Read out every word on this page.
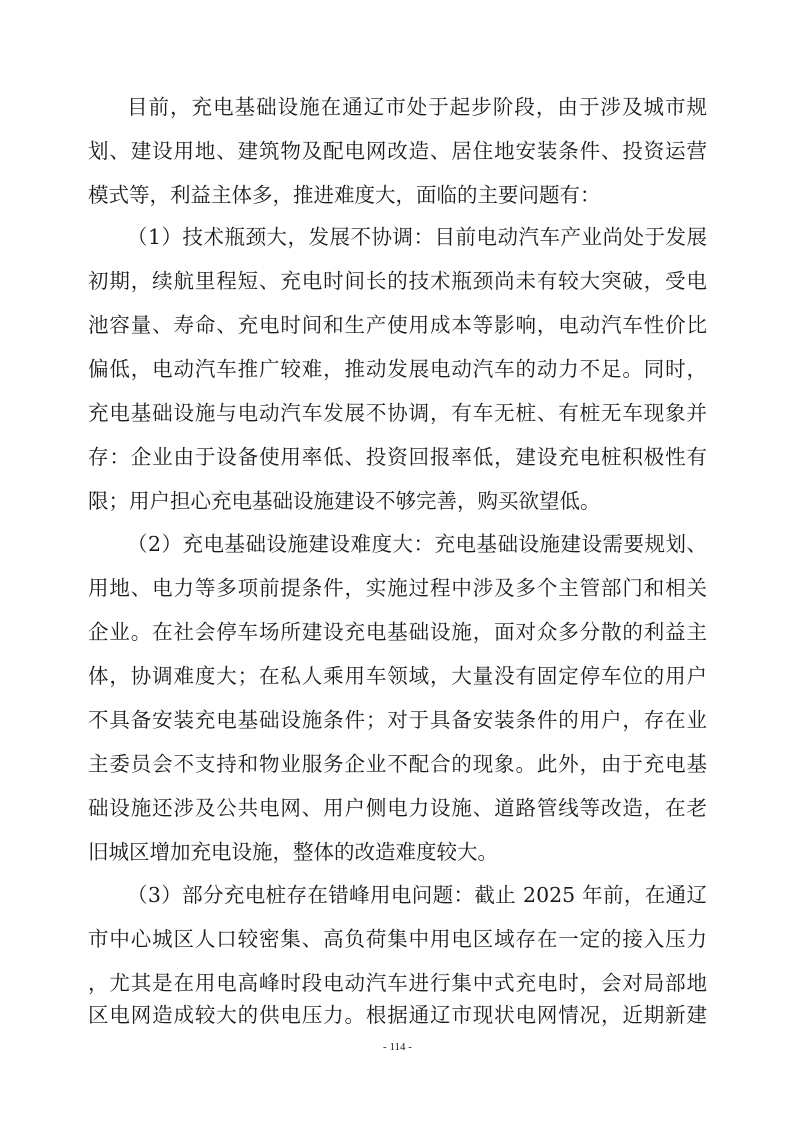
目前，充电基础设施在通辽市处于起步阶段，由于涉及城市规
划、建设用地、建筑物及配电网改造、居住地安装条件、投资运营
模式等，利益主体多，推进难度大，面临的主要问题有：
（1）技术瓶颈大，发展不协调：目前电动汽车产业尚处于发展
初期，续航里程短、充电时间长的技术瓶颈尚未有较大突破，受电
池容量、寿命、充电时间和生产使用成本等影响，电动汽车性价比
偏低，电动汽车推广较难，推动发展电动汽车的动力不足。同时，
充电基础设施与电动汽车发展不协调，有车无桩、有桩无车现象并
存：企业由于设备使用率低、投资回报率低，建设充电桩积极性有
限；用户担心充电基础设施建设不够完善，购买欲望低。
（2）充电基础设施建设难度大：充电基础设施建设需要规划、
用地、电力等多项前提条件，实施过程中涉及多个主管部门和相关
企业。在社会停车场所建设充电基础设施，面对众多分散的利益主
体，协调难度大；在私人乘用车领域，大量没有固定停车位的用户
不具备安装充电基础设施条件；对于具备安装条件的用户，存在业
主委员会不支持和物业服务企业不配合的现象。此外，由于充电基
础设施还涉及公共电网、用户侧电力设施、道路管线等改造，在老
旧城区增加充电设施，整体的改造难度较大。
（3）部分充电桩存在错峰用电问题：截止 2025 年前，在通辽
市中心城区人口较密集、高负荷集中用电区域存在一定的接入压力
，尤其是在用电高峰时段电动汽车进行集中式充电时，会对局部地
区电网造成较大的供电压力。根据通辽市现状电网情况，近期新建
- 114 -
